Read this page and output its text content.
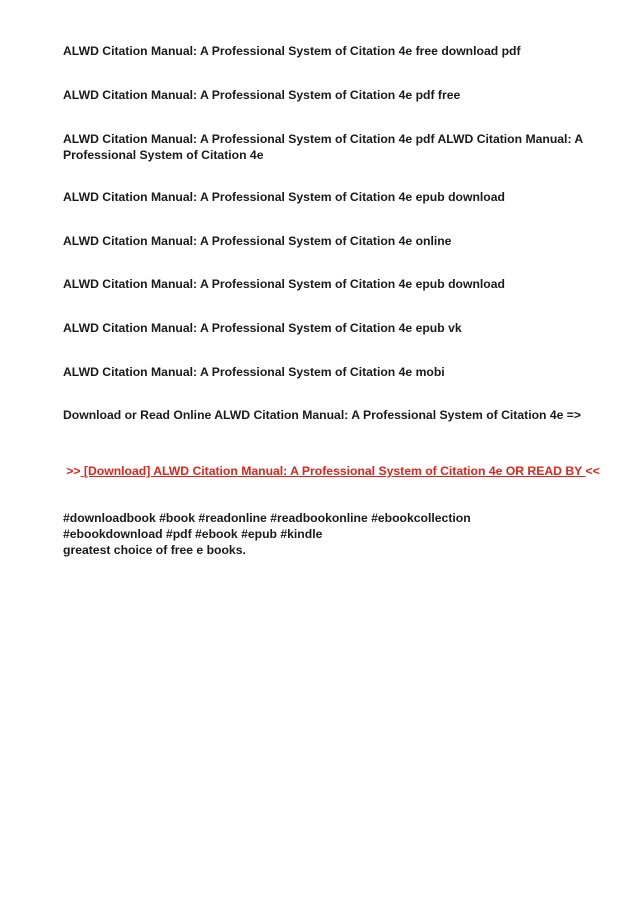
ALWD Citation Manual: A Professional System of Citation 4e free download pdf

ALWD Citation Manual: A Professional System of Citation 4e pdf free

ALWD Citation Manual: A Professional System of Citation 4e pdf ALWD Citation Manual: A Professional System of Citation 4e

ALWD Citation Manual: A Professional System of Citation 4e epub download

ALWD Citation Manual: A Professional System of Citation 4e online

ALWD Citation Manual: A Professional System of Citation 4e epub download

ALWD Citation Manual: A Professional System of Citation 4e epub vk

ALWD Citation Manual: A Professional System of Citation 4e mobi

Download or Read Online ALWD Citation Manual: A Professional System of Citation 4e =>

>> [Download] ALWD Citation Manual: A Professional System of Citation 4e OR READ BY <<
#downloadbook #book #readonline #readbookonline #ebookcollection
#ebookdownload #pdf #ebook #epub #kindle
greatest choice of free e books.
